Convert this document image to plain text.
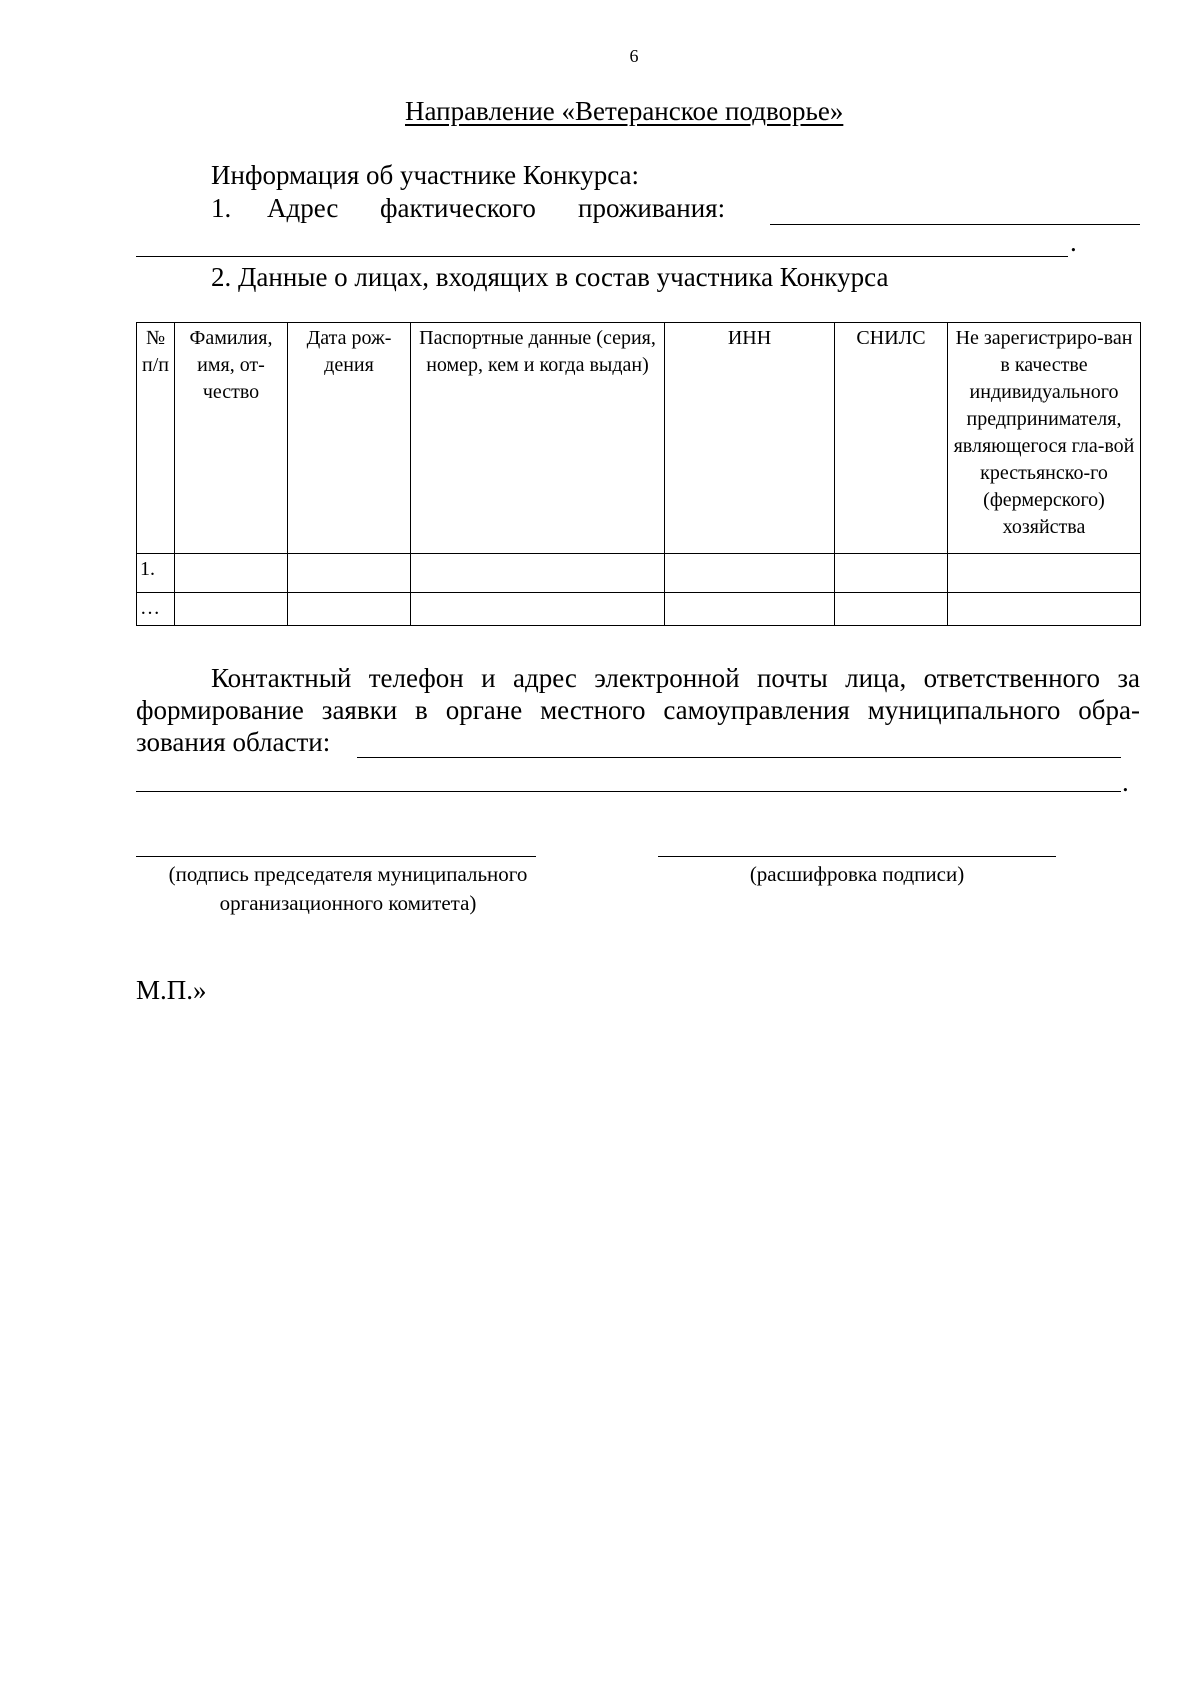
6
Направление «Ветеранское подворье»
Информация об участнике Конкурса:
1. Адрес фактического проживания:
.
2. Данные о лицах, входящих в состав участника Конкурса
№ п/п	Фамилия, имя, от-чество	Дата рож-дения	Паспортные данные (серия, номер, кем и когда выдан)	ИНН	СНИЛС	Не зарегистриро-ван в качестве индивидуального предпринимателя, являющегося гла-вой крестьянско-го (фермерского) хозяйства
1.						
…						
Контактный телефон и адрес электронной почты лица, ответственного за формирование заявки в органе местного самоуправления муниципального обра-зования области:
.
(подпись председателя муниципального организационного комитета)
(расшифровка подписи)
М.П.»
